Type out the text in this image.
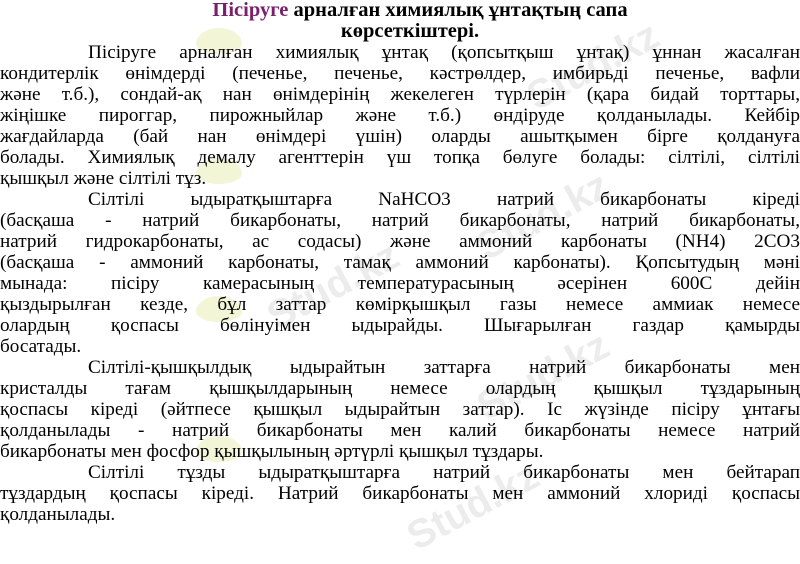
Stud.kz
Stud.kz
Stud.kz
Stud.kz
Stud.kz
Пісіруге арналған химиялық ұнтақтың сапа
көрсеткіштері.
Пісіруге арналған химиялық ұнтақ (қопсытқыш ұнтақ) ұннан жасалған
кондитерлік өнімдерді (печенье, печенье, кәстрөлдер, имбирьді печенье, вафли
және т.б.), сондай-ақ нан өнімдерінің жекелеген түрлерін (қара бидай торттары,
жіңішке пироггар, пирожныйлар және т.б.) өндіруде қолданылады. Кейбір
жағдайларда (бай нан өнімдері үшін) оларды ашытқымен бірге қолдануға
болады. Химиялық демалу агенттерін үш топқа бөлуге болады: сілтілі, сілтілі
қышқыл және сілтілі тұз.
Сілтілі ыдыратқыштарға NaHCO3 натрий бикарбонаты кіреді
(басқаша - натрий бикарбонаты, натрий бикарбонаты, натрий бикарбонаты,
натрий гидрокарбонаты, ас содасы) және аммоний карбонаты (NH4) 2CO3
(басқаша - аммоний карбонаты, тамақ аммоний карбонаты). Қопсытудың мәні
мынада: пісіру камерасының температурасының әсерінен 600С дейін
қыздырылған кезде, бұл заттар көмірқышқыл газы немесе аммиак немесе
олардың қоспасы бөлінуімен ыдырайды. Шығарылған газдар қамырды
босатады.
Сілтілі-қышқылдық ыдырайтын заттарға натрий бикарбонаты мен
кристалды тағам қышқылдарының немесе олардың қышқыл тұздарының
қоспасы кіреді (әйтпесе қышқыл ыдырайтын заттар). Іс жүзінде пісіру ұнтағы
қолданылады - натрий бикарбонаты мен калий бикарбонаты немесе натрий
бикарбонаты мен фосфор қышқылының әртүрлі қышқыл тұздары.
Сілтілі тұзды ыдыратқыштарға натрий бикарбонаты мен бейтарап
тұздардың қоспасы кіреді. Натрий бикарбонаты мен аммоний хлориді қоспасы
қолданылады.
